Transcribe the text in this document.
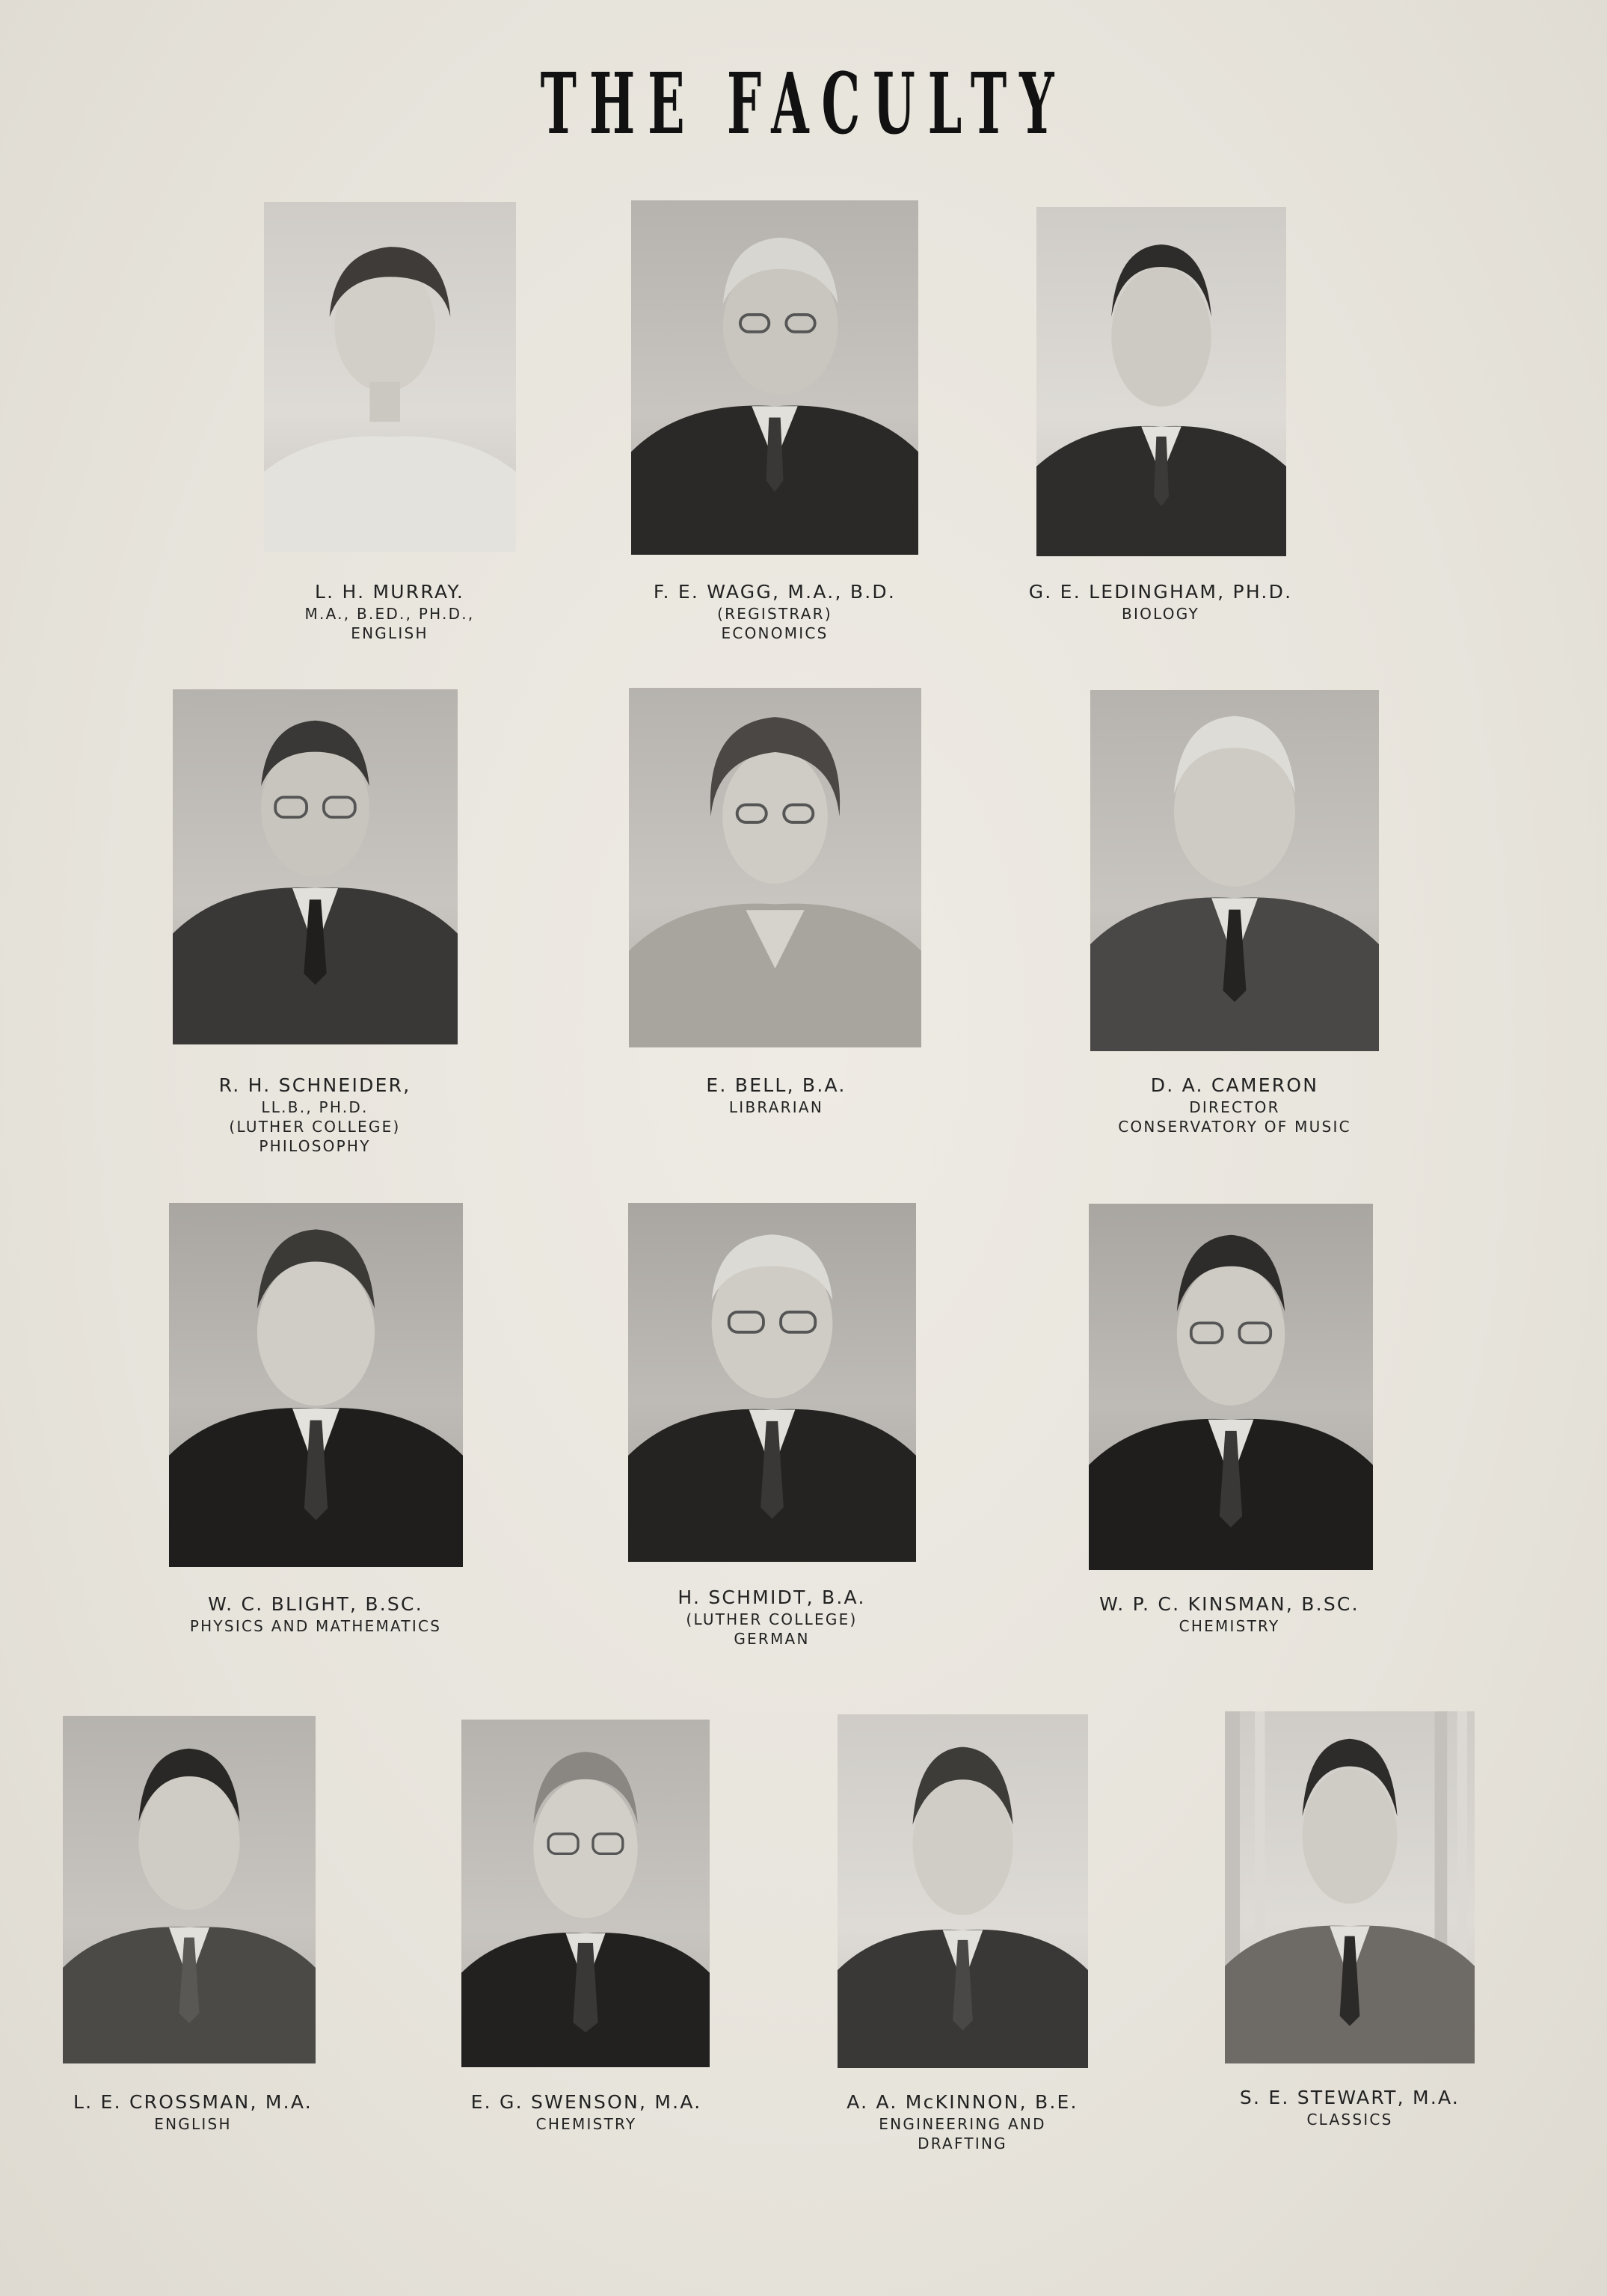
THE FACULTY
L. H. MURRAY.
M.A., B.ED., PH.D.,
ENGLISH
F. E. WAGG, M.A., B.D.
(REGISTRAR)
ECONOMICS
G. E. LEDINGHAM, PH.D.
BIOLOGY
R. H. SCHNEIDER,
LL.B., PH.D.
(LUTHER COLLEGE)
PHILOSOPHY
E. BELL, B.A.
LIBRARIAN
D. A. CAMERON
DIRECTOR
CONSERVATORY OF MUSIC
W. C. BLIGHT, B.SC.
PHYSICS AND MATHEMATICS
H. SCHMIDT, B.A.
(LUTHER COLLEGE)
GERMAN
W. P. C. KINSMAN, B.SC.
CHEMISTRY
L. E. CROSSMAN, M.A.
ENGLISH
E. G. SWENSON, M.A.
CHEMISTRY
A. A. McKINNON, B.E.
ENGINEERING AND
DRAFTING
S. E. STEWART, M.A.
CLASSICS
